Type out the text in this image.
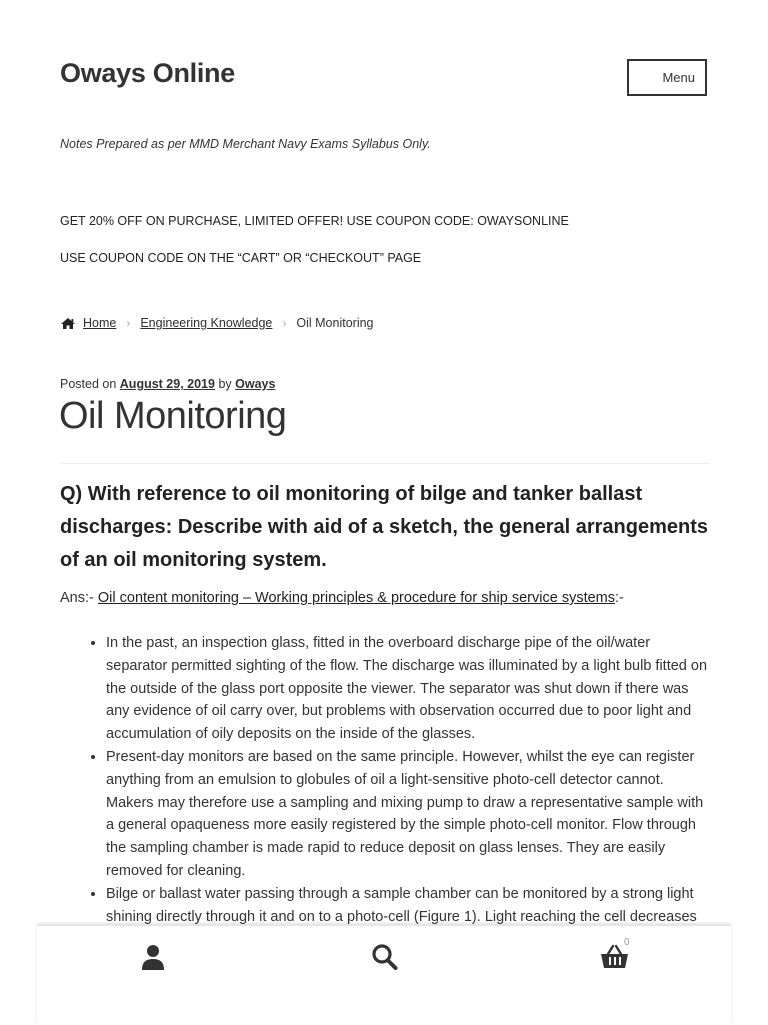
Oways Online	Menu
Notes Prepared as per MMD Merchant Navy Exams Syllabus Only.
GET 20% OFF ON PURCHASE, LIMITED OFFER! USE COUPON CODE: OWAYSONLINE
USE COUPON CODE ON THE “CART” OR “CHECKOUT” PAGE
Home › Engineering Knowledge › Oil Monitoring
Posted on August 29, 2019 by Oways
Oil Monitoring
Q) With reference to oil monitoring of bilge and tanker ballast discharges: Describe with aid of a sketch, the general arrangements of an oil monitoring system.
Ans:- Oil content monitoring – Working principles & procedure for ship service systems:-
• In the past, an inspection glass, fitted in the overboard discharge pipe of the oil/water separator permitted sighting of the flow. The discharge was illuminated by a light bulb fitted on the outside of the glass port opposite the viewer. The separator was shut down if there was any evidence of oil carry over, but problems with observation occurred due to poor light and accumulation of oily deposits on the inside of the glasses.
• Present-day monitors are based on the same principle. However, whilst the eye can register anything from an emulsion to globules of oil a light-sensitive photo-cell detector cannot. Makers may therefore use a sampling and mixing pump to draw a representative sample with a general opaqueness more easily registered by the simple photo-cell monitor. Flow through the sampling chamber is made rapid to reduce deposit on glass lenses. They are easily removed for cleaning.
• Bilge or ballast water passing through a sample chamber can be monitored by a strong light shining directly through it and on to a photo-cell (Figure 1). Light reaching the cell decreases
0
